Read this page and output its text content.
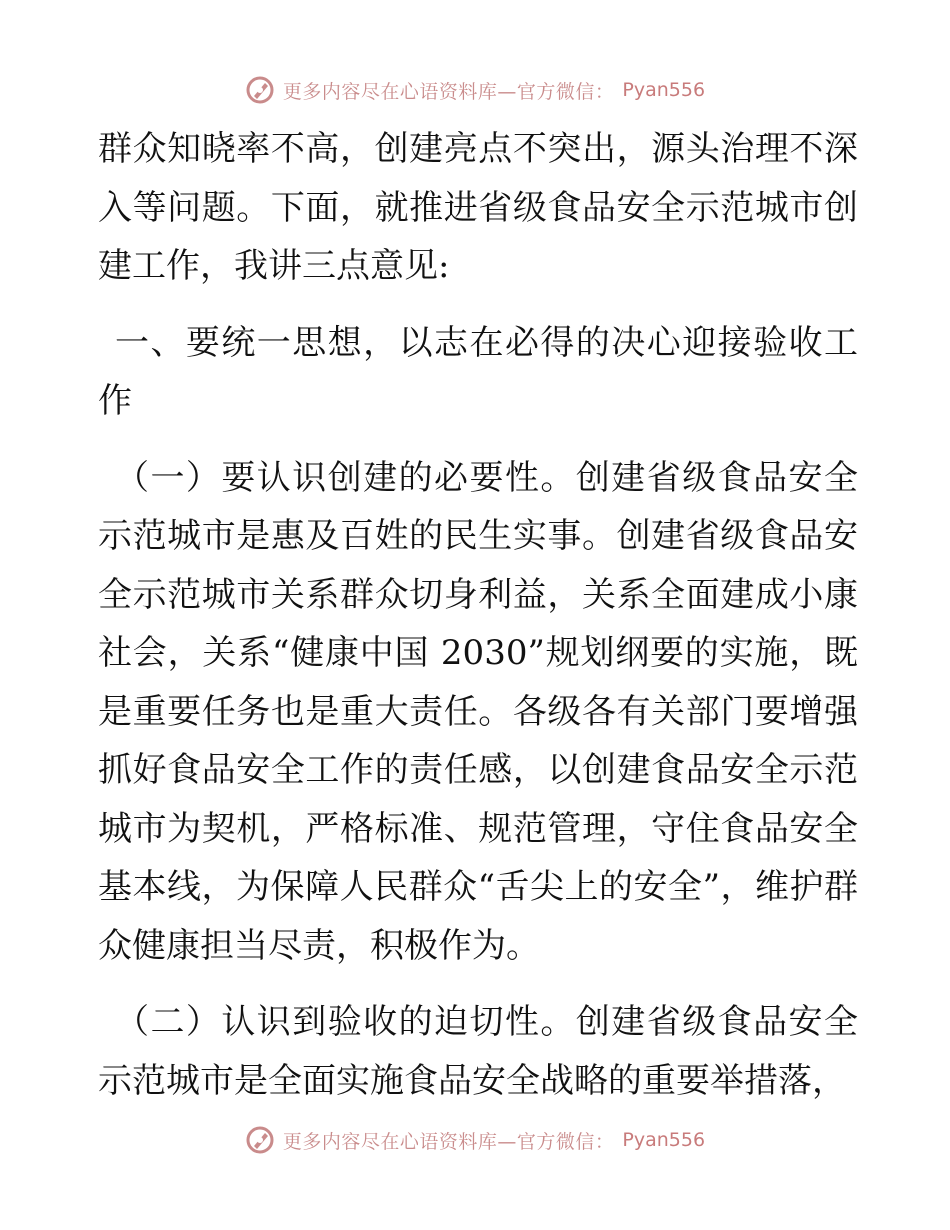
更多内容尽在心语资料库—官方微信： Pyan556

群众知晓率不高，创建亮点不突出，源头治理不深入等问题。下面，就推进省级食品安全示范城市创建工作，我讲三点意见:

一、要统一思想，以志在必得的决心迎接验收工作

（一）要认识创建的必要性。创建省级食品安全示范城市是惠及百姓的民生实事。创建省级食品安全示范城市关系群众切身利益，关系全面建成小康社会，关系“健康中国 2030”规划纲要的实施，既是重要任务也是重大责任。各级各有关部门要增强抓好食品安全工作的责任感，以创建食品安全示范城市为契机，严格标准、规范管理，守住食品安全基本线，为保障人民群众“舌尖上的安全”，维护群众健康担当尽责，积极作为。

（二）认识到验收的迫切性。创建省级食品安全示范城市是全面实施食品安全战略的重要举措落，

更多内容尽在心语资料库—官方微信： Pyan556
